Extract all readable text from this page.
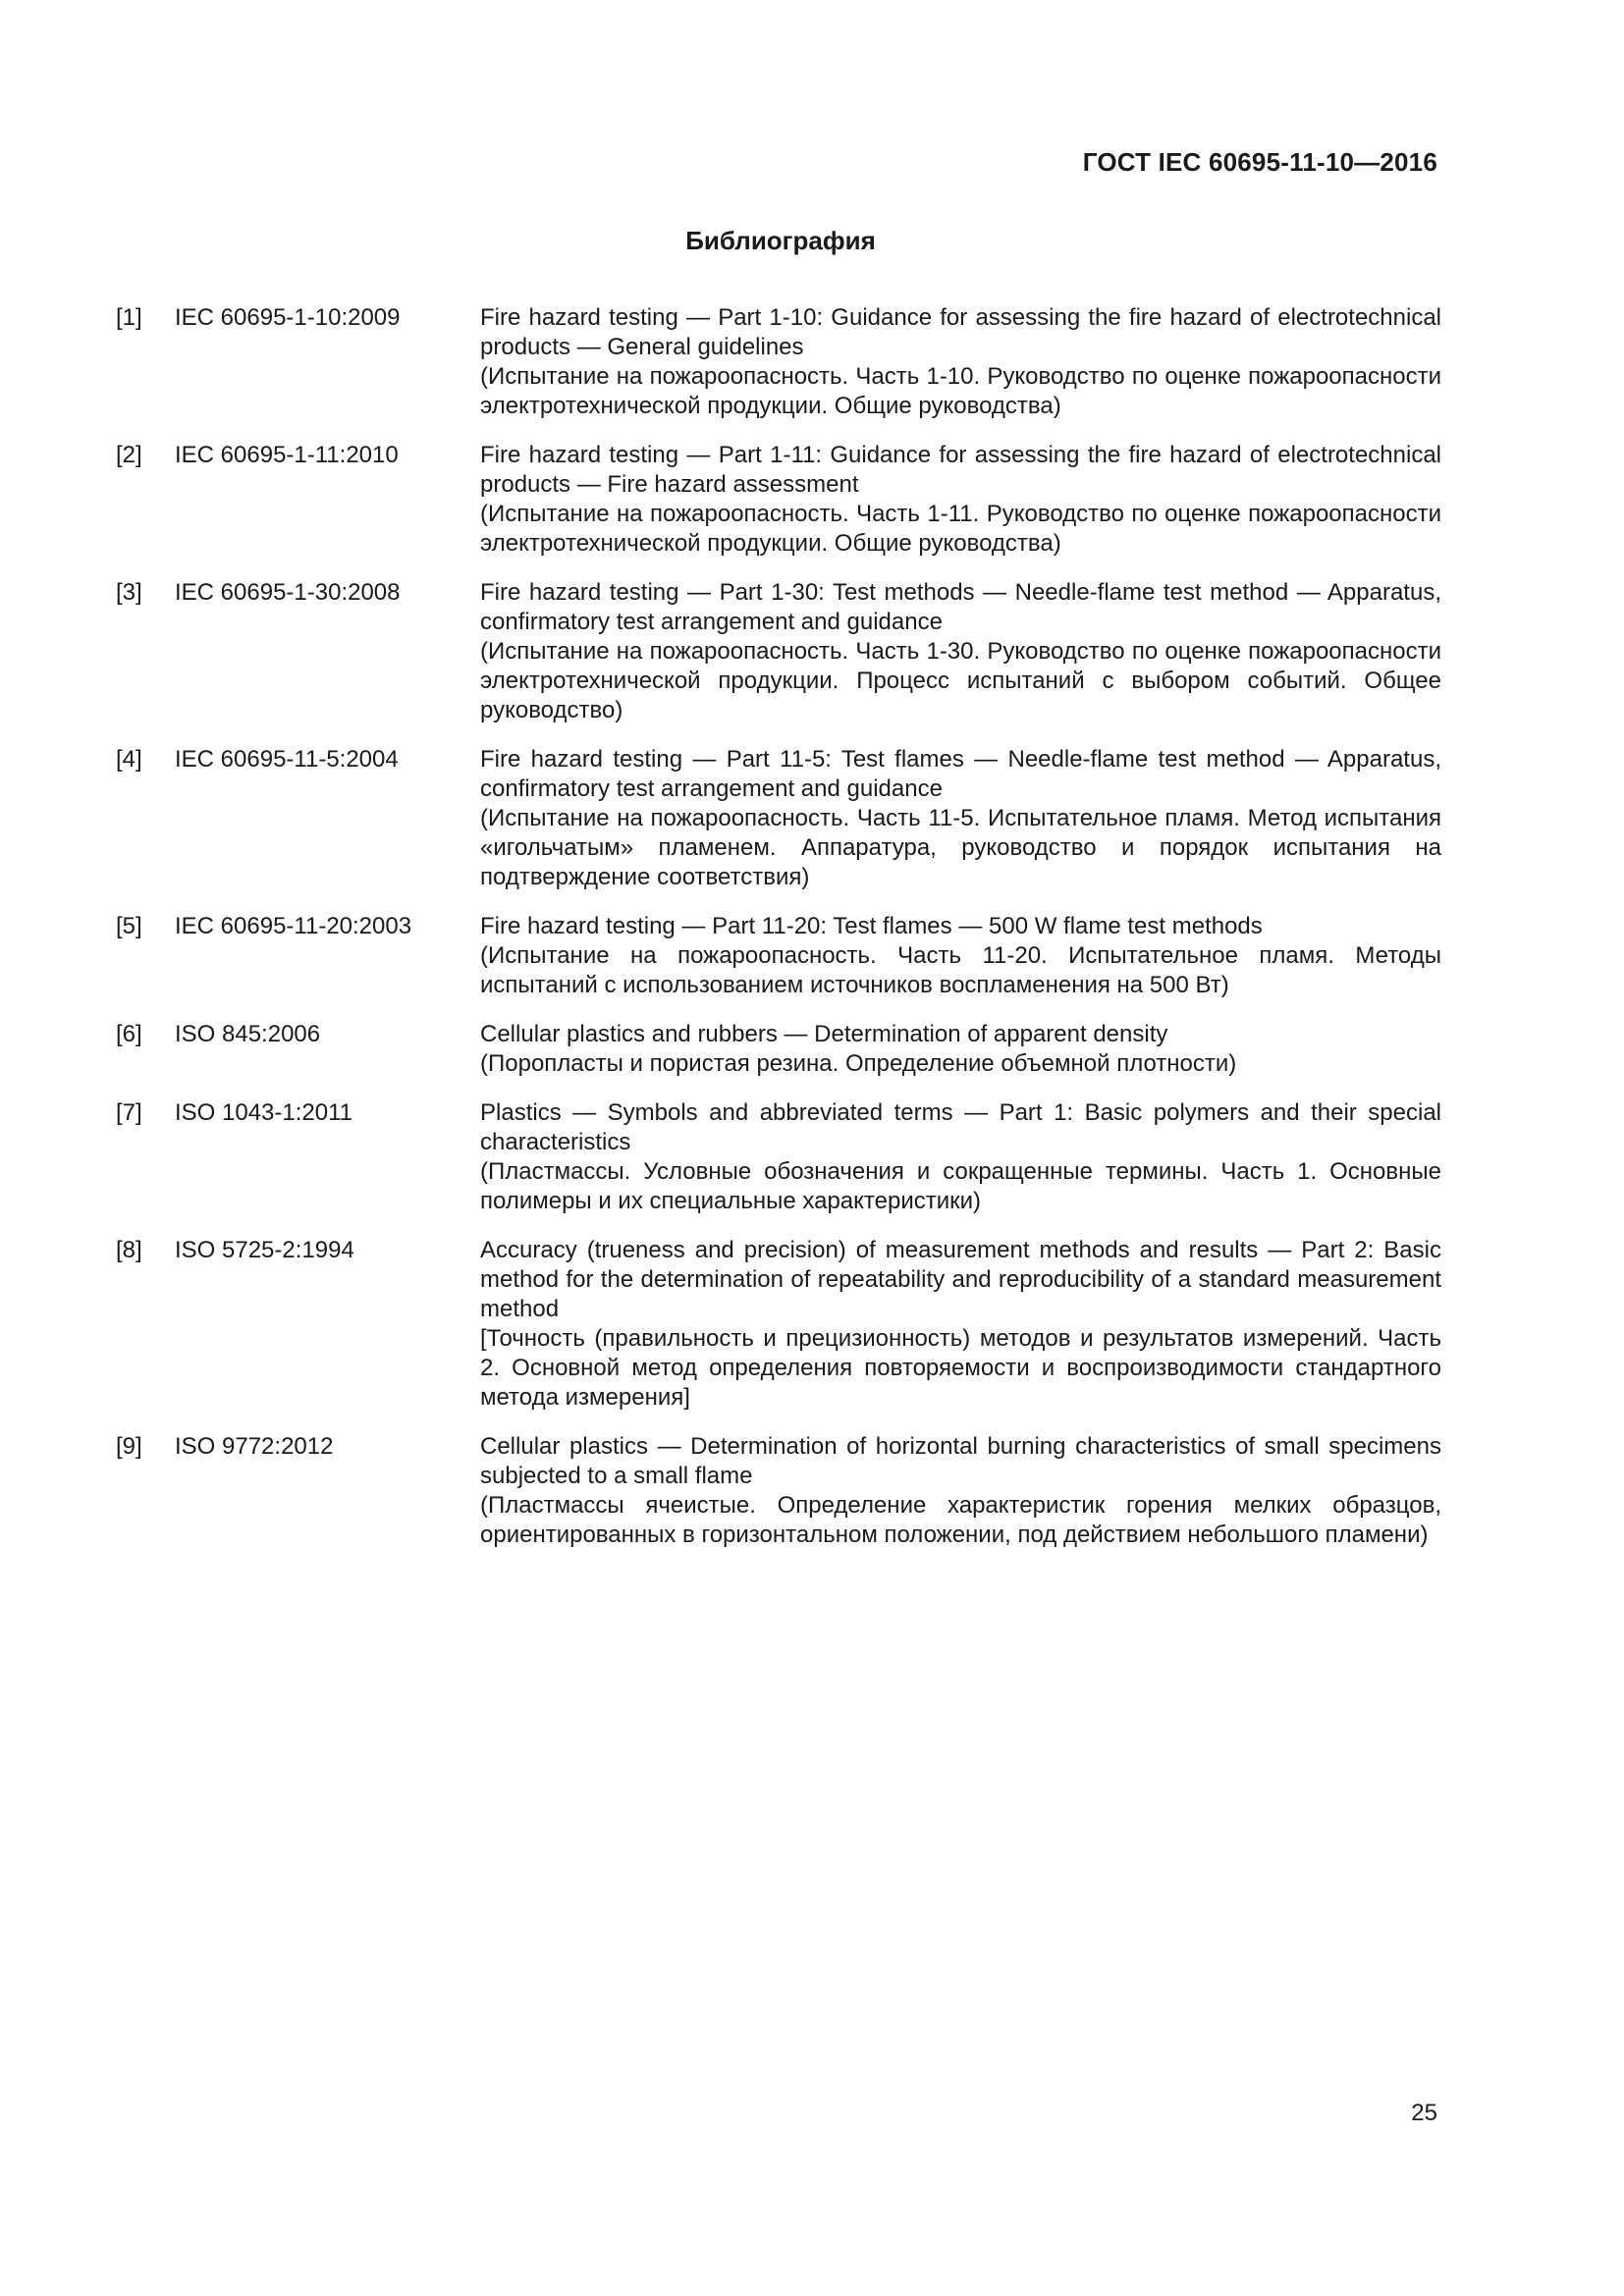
ГОСТ IEC 60695-11-10—2016
Библиография
[1] IEC 60695-1-10:2009	Fire hazard testing — Part 1-10: Guidance for assessing the fire hazard of electrotechnical products — General guidelines
(Испытание на пожароопасность. Часть 1-10. Руководство по оценке пожароопасности электротехнической продукции. Общие руководства)
[2] IEC 60695-1-11:2010	Fire hazard testing — Part 1-11: Guidance for assessing the fire hazard of electrotechnical products — Fire hazard assessment
(Испытание на пожароопасность. Часть 1-11. Руководство по оценке пожароопасности электротехнической продукции. Общие руководства)
[3] IEC 60695-1-30:2008	Fire hazard testing — Part 1-30: Test methods — Needle-flame test method — Apparatus, confirmatory test arrangement and guidance
(Испытание на пожароопасность. Часть 1-30. Руководство по оценке пожароопасности электротехнической продукции. Процесс испытаний с выбором событий. Общее руководство)
[4] IEC 60695-11-5:2004	Fire hazard testing — Part 11-5: Test flames — Needle-flame test method — Apparatus, confirmatory test arrangement and guidance
(Испытание на пожароопасность. Часть 11-5. Испытательное пламя. Метод испытания «игольчатым» пламенем. Аппаратура, руководство и порядок испытания на подтверждение соответствия)
[5] IEC 60695-11-20:2003	Fire hazard testing — Part 11-20: Test flames — 500 W flame test methods
(Испытание на пожароопасность. Часть 11-20. Испытательное пламя. Методы испытаний с использованием источников воспламенения на 500 Вт)
[6] ISO 845:2006	Cellular plastics and rubbers — Determination of apparent density
(Поропласты и пористая резина. Определение объемной плотности)
[7] ISO 1043-1:2011	Plastics — Symbols and abbreviated terms — Part 1: Basic polymers and their special characteristics
(Пластмассы. Условные обозначения и сокращенные термины. Часть 1. Основные полимеры и их специальные характеристики)
[8] ISO 5725-2:1994	Accuracy (trueness and precision) of measurement methods and results — Part 2: Basic method for the determination of repeatability and reproducibility of a standard measurement method
[Точность (правильность и прецизионность) методов и результатов измерений. Часть 2. Основной метод определения повторяемости и воспроизводимости стандартного метода измерения]
[9] ISO 9772:2012	Cellular plastics — Determination of horizontal burning characteristics of small specimens subjected to a small flame
(Пластмассы ячеистые. Определение характеристик горения мелких образцов, ориентированных в горизонтальном положении, под действием небольшого пламени)

25
